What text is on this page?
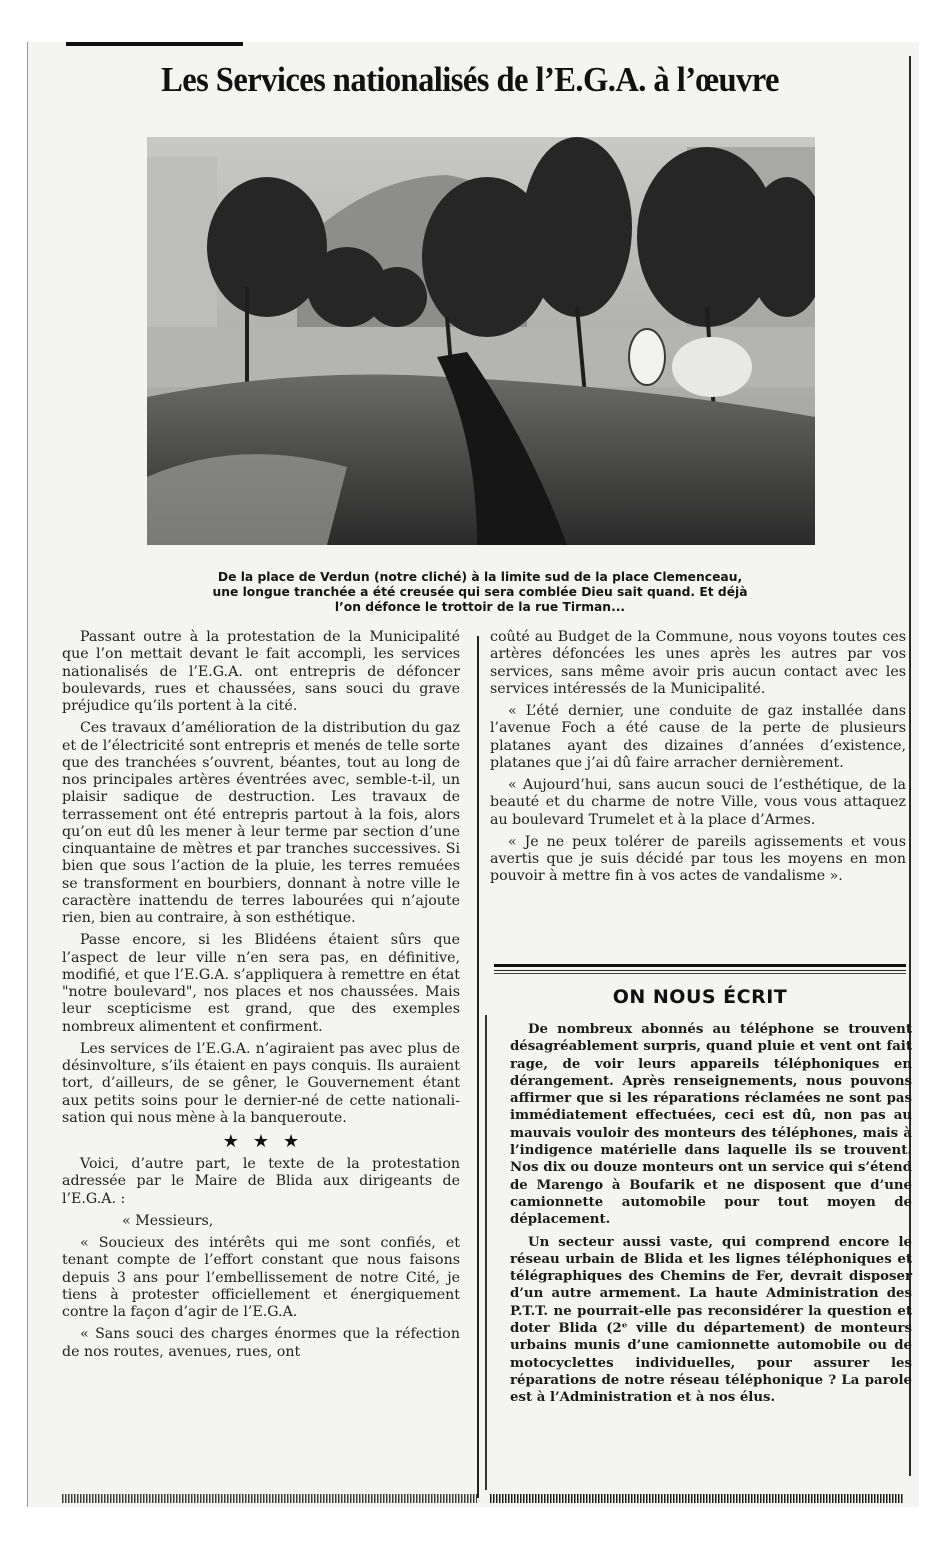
Les Services nationalisés de l’E.G.A. à l’œuvre
De la place de Verdun (notre cliché) à la limite sud de la place Clemenceau,
une longue tranchée a été creusée qui sera comblée Dieu sait quand. Et déjà
l’on défonce le trottoir de la rue Tirman...

Passant outre à la protestation de la Municipalité que l’on mettait devant le fait accompli, les services nationalisés de l’E.G.A. ont entrepris de défoncer boulevards, rues et chaussées, sans souci du grave préjudice qu’ils portent à la cité.

Ces travaux d’amélioration de la distribution du gaz et de l’électricité sont entrepris et menés de telle sorte que des tranchées s’ouvrent, béantes, tout au long de nos principales artères éventrées avec, semble-t-il, un plaisir sadique de destruction. Les travaux de terrassement ont été entrepris partout à la fois, alors qu’on eut dû les mener à leur terme par section d’une cinquantaine de mètres et par tranches successives. Si bien que sous l’action de la pluie, les terres remuées se transforment en bourbiers, donnant à notre ville le caractère inattendu de terres labourées qui n’ajoute rien, bien au contraire, à son esthétique.

Passe encore, si les Blidéens étaient sûrs que l’aspect de leur ville n’en sera pas, en définitive, modifié, et que l’E.G.A. s’appliquera à remettre en état "notre boulevard", nos places et nos chaussées. Mais leur scepticisme est grand, que des exemples nombreux alimentent et confirment.

Les services de l’E.G.A. n’agiraient pas avec plus de désinvolture, s’ils étaient en pays conquis. Ils auraient tort, d’ailleurs, de se gêner, le Gouvernement étant aux petits soins pour le dernier-né de cette nationalisation qui nous mène à la banqueroute.

★★★

Voici, d’autre part, le texte de la protestation adressée par le Maire de Blida aux dirigeants de l’E.G.A. :

« Messieurs,

« Soucieux des intérêts qui me sont confiés, et tenant compte de l’effort constant que nous faisons depuis 3 ans pour l’embellissement de notre Cité, je tiens à protester officiellement et énergiquement contre la façon d’agir de l’E.G.A.

« Sans souci des charges énormes que la réfection de nos routes, avenues, rues, ont

coûté au Budget de la Commune, nous voyons toutes ces artères défoncées les unes après les autres par vos services, sans même avoir pris aucun contact avec les services intéressés de la Municipalité.

« L’été dernier, une conduite de gaz installée dans l’avenue Foch a été cause de la perte de plusieurs platanes ayant des dizaines d’années d’existence, platanes que j’ai dû faire arracher dernièrement.

« Aujourd’hui, sans aucun souci de l’esthétique, de la beauté et du charme de notre Ville, vous vous attaquez au boulevard Trumelet et à la place d’Armes.

« Je ne peux tolérer de pareils agissements et vous avertis que je suis décidé par tous les moyens en mon pouvoir à mettre fin à vos actes de vandalisme ».

ON NOUS ÉCRIT

De nombreux abonnés au téléphone se trouvent désagréablement surpris, quand pluie et vent ont fait rage, de voir leurs appareils téléphoniques en dérangement. Après renseignements, nous pouvons affirmer que si les réparations réclamées ne sont pas immédiatement effectuées, ceci est dû, non pas au mauvais vouloir des monteurs des téléphones, mais à l’indigence matérielle dans laquelle ils se trouvent. Nos dix ou douze monteurs ont un service qui s’étend de Marengo à Boufarik et ne disposent que d’une camionnette automobile pour tout moyen de déplacement.

Un secteur aussi vaste, qui comprend encore le réseau urbain de Blida et les lignes téléphoniques et télégraphiques des Chemins de Fer, devrait disposer d’un autre armement. La haute Administration des P.T.T. ne pourrait-elle pas reconsidérer la question et doter Blida (2ᵉ ville du département) de monteurs urbains munis d’une camionnette automobile ou de motocyclettes individuelles, pour assurer les réparations de notre réseau téléphonique ? La parole est à l’Administration et à nos élus.
